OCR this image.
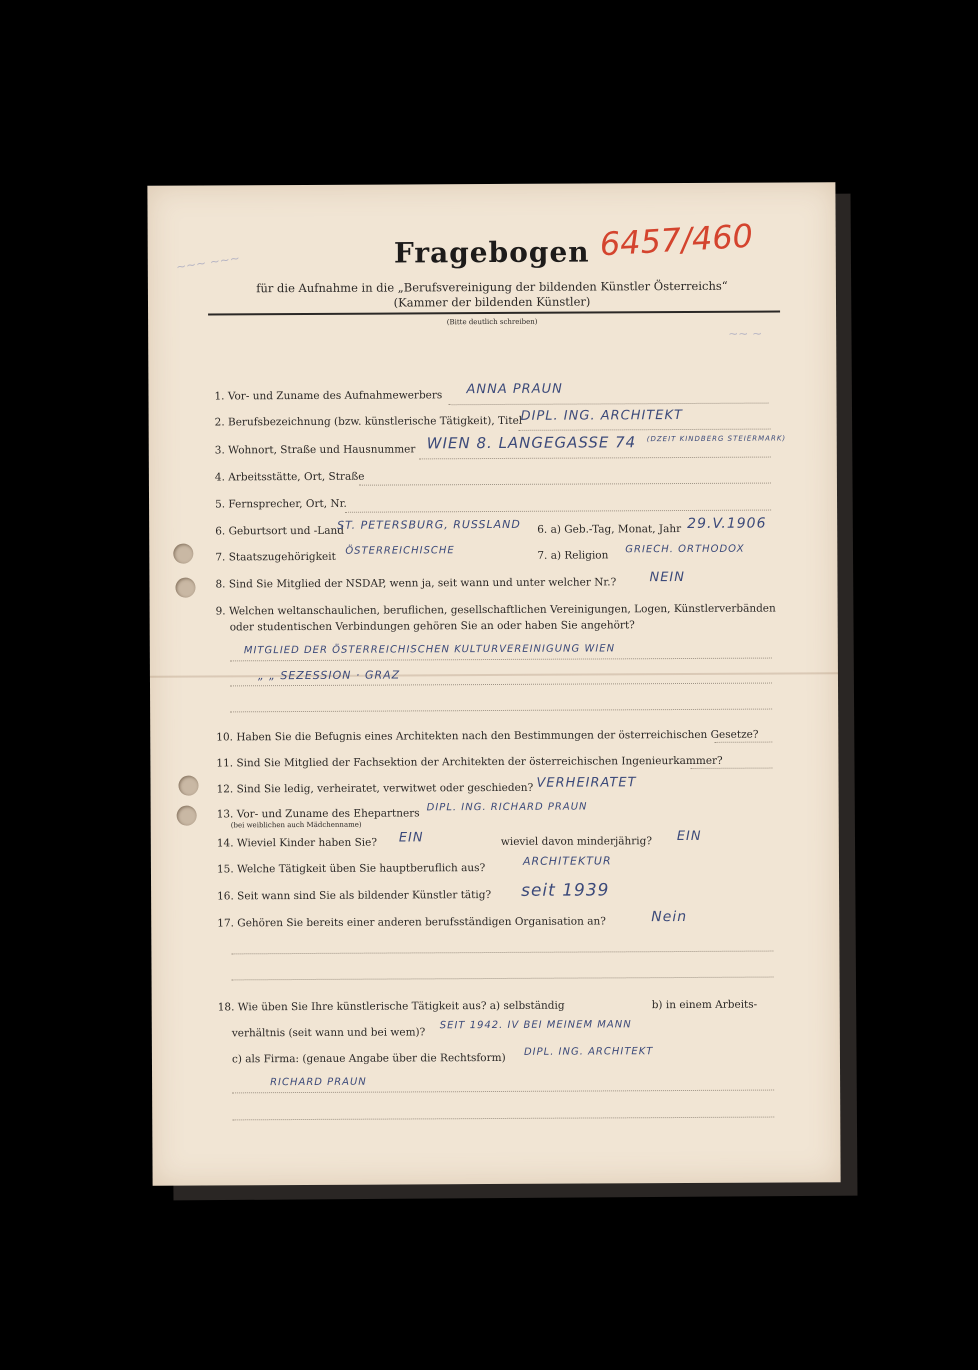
~~~ ~~~
~~ ~
Fragebogen 6457/460
für die Aufnahme in die „Berufsvereinigung der bildenden Künstler Österreichs“
(Kammer der bildenden Künstler)
(Bitte deutlich schreiben)
1. Vor- und Zuname des Aufnahmewerbers ANNA PRAUN
2. Berufsbezeichnung (bzw. künstlerische Tätigkeit), Titel
DIPL. ING. ARCHITEKT
3. Wohnort, Straße und Hausnummer WIEN 8. LANGEGASSE 74 (DZEIT KINDBERG STEIERMARK)
4. Arbeitsstätte, Ort, Straße
5. Fernsprecher, Ort, Nr.
6. Geburtsort und -Land
ST. PETERSBURG, RUSSLAND 6. a) Geb.-Tag, Monat, Jahr 29.V.1906
7. Staatszugehörigkeit ÖSTERREICHISCHE	7. a) Religion GRIECH. ORTHODOX
8. Sind Sie Mitglied der NSDAP, wenn ja, seit wann und unter welcher Nr.?	NEIN
9. Welchen weltanschaulichen, beruflichen, gesellschaftlichen Vereinigungen, Logen, Künstlerverbänden
oder studentischen Verbindungen gehören Sie an oder haben Sie angehört?
MITGLIED DER ÖSTERREICHISCHEN KULTURVEREINIGUNG WIEN
„ „ SEZESSION · GRAZ
10. Haben Sie die Befugnis eines Architekten nach den Bestimmungen der österreichischen Gesetze?
11. Sind Sie Mitglied der Fachsektion der Architekten der österreichischen Ingenieurkammer?
12. Sind Sie ledig, verheiratet, verwitwet oder geschieden? VERHEIRATET
13. Vor- und Zuname des Ehepartners
(bei weiblichen auch Mädchenname)
DIPL. ING. RICHARD PRAUN
14. Wieviel Kinder haben Sie? EIN	wieviel davon minderjährig? EIN
15. Welche Tätigkeit üben Sie hauptberuflich aus?
ARCHITEKTUR
16. Seit wann sind Sie als bildender Künstler tätig? seit 1939
17. Gehören Sie bereits einer anderen berufsständigen Organisation an?	Nein
18. Wie üben Sie Ihre künstlerische Tätigkeit aus? a) selbständig	b) in einem Arbeits-
verhältnis (seit wann und bei wem)?
SEIT 1942. IV BEI MEINEM MANN
c) als Firma: (genaue Angabe über die Rechtsform) DIPL. ING. ARCHITEKT
RICHARD PRAUN
